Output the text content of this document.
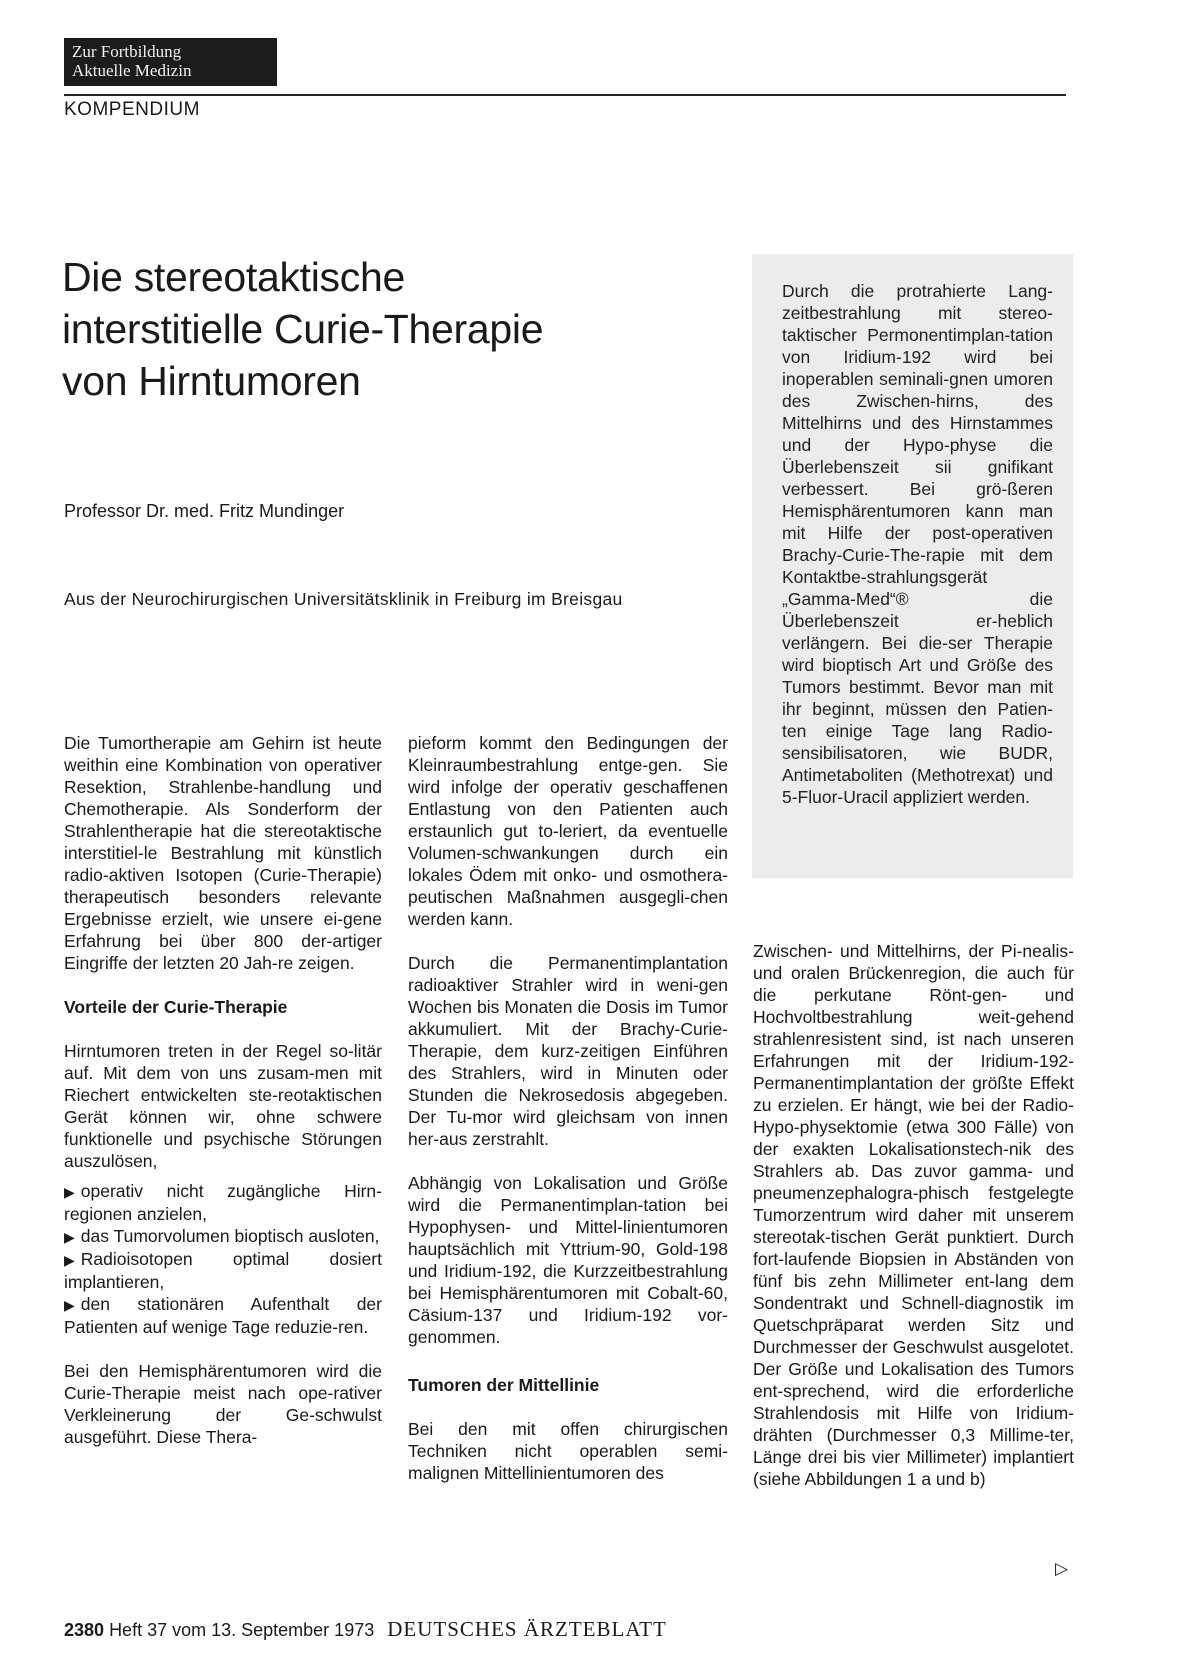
Zur Fortbildung
Aktuelle Medizin
KOMPENDIUM
Die stereotaktische
interstitielle Curie-Therapie
von Hirntumoren
Professor Dr. med. Fritz Mundinger
Aus der Neurochirurgischen Universitätsklinik in Freiburg im Breisgau

Durch die protrahierte Lang-zeitbestrahlung mit stereo-taktischer Permonentimplan-tation von Iridium-192 wird bei inoperablen seminali-gnen umoren des Zwischen-hirns, des Mittelhirns und des Hirnstammes und der Hypo-physe die Überlebenszeit sii gnifikant verbessert. Bei grö-ßeren Hemisphärentumoren kann man mit Hilfe der post-operativen Brachy-Curie-The-rapie mit dem Kontaktbe-strahlungsgerät „Gamma-Med“® die Überlebenszeit er-heblich verlängern. Bei die-ser Therapie wird bioptisch Art und Größe des Tumors bestimmt. Bevor man mit ihr beginnt, müssen den Patien-ten einige Tage lang Radio-sensibilisatoren, wie BUDR, Antimetaboliten (Methotrexat) und 5-Fluor-Uracil appliziert werden.

Die Tumortherapie am Gehirn ist heute weithin eine Kombination von operativer Resektion, Strahlenbe-handlung und Chemotherapie. Als Sonderform der Strahlentherapie hat die stereotaktische interstitiel-le Bestrahlung mit künstlich radio-aktiven Isotopen (Curie-Therapie) therapeutisch besonders relevante Ergebnisse erzielt, wie unsere ei-gene Erfahrung bei über 800 der-artiger Eingriffe der letzten 20 Jah-re zeigen.

Vorteile der Curie-Therapie

Hirntumoren treten in der Regel so-litär auf. Mit dem von uns zusam-men mit Riechert entwickelten ste-reotaktischen Gerät können wir, ohne schwere funktionelle und psychische Störungen auszulösen,

▶ operativ nicht zugängliche Hirn-regionen anzielen,
▶ das Tumorvolumen bioptisch ausloten,
▶ Radioisotopen optimal dosiert implantieren,
▶ den stationären Aufenthalt der Patienten auf wenige Tage reduzie-ren.

Bei den Hemisphärentumoren wird die Curie-Therapie meist nach ope-rativer Verkleinerung der Ge-schwulst ausgeführt. Diese Thera-

pieform kommt den Bedingungen der Kleinraumbestrahlung entge-gen. Sie wird infolge der operativ geschaffenen Entlastung von den Patienten auch erstaunlich gut to-leriert, da eventuelle Volumen-schwankungen durch ein lokales Ödem mit onko- und osmothera-peutischen Maßnahmen ausgegli-chen werden kann.

Durch die Permanentimplantation radioaktiver Strahler wird in weni-gen Wochen bis Monaten die Dosis im Tumor akkumuliert. Mit der Brachy-Curie-Therapie, dem kurz-zeitigen Einführen des Strahlers, wird in Minuten oder Stunden die Nekrosedosis abgegeben. Der Tu-mor wird gleichsam von innen her-aus zerstrahlt.

Abhängig von Lokalisation und Größe wird die Permanentimplan-tation bei Hypophysen- und Mittel-linientumoren hauptsächlich mit Yttrium-90, Gold-198 und Iridium-192, die Kurzzeitbestrahlung bei Hemisphärentumoren mit Cobalt-60, Cäsium-137 und Iridium-192 vor-genommen.

Tumoren der Mittellinie

Bei den mit offen chirurgischen Techniken nicht operablen semi-malignen Mittellinientumoren des

Zwischen- und Mittelhirns, der Pi-nealis- und oralen Brückenregion, die auch für die perkutane Rönt-gen- und Hochvoltbestrahlung weit-gehend strahlenresistent sind, ist nach unseren Erfahrungen mit der Iridium-192-Permanentimplantation der größte Effekt zu erzielen. Er hängt, wie bei der Radio-Hypo-physektomie (etwa 300 Fälle) von der exakten Lokalisationstech-nik des Strahlers ab. Das zuvor gamma- und pneumenzephalogra-phisch festgelegte Tumorzentrum wird daher mit unserem stereotak-tischen Gerät punktiert. Durch fort-laufende Biopsien in Abständen von fünf bis zehn Millimeter ent-lang dem Sondentrakt und Schnell-diagnostik im Quetschpräparat werden Sitz und Durchmesser der Geschwulst ausgelotet. Der Größe und Lokalisation des Tumors ent-sprechend, wird die erforderliche Strahlendosis mit Hilfe von Iridium-drähten (Durchmesser 0,3 Millime-ter, Länge drei bis vier Millimeter) implantiert (siehe Abbildungen 1 a und b)

▷
2380 Heft 37 vom 13. September 1973 DEUTSCHES ÄRZTEBLATT
